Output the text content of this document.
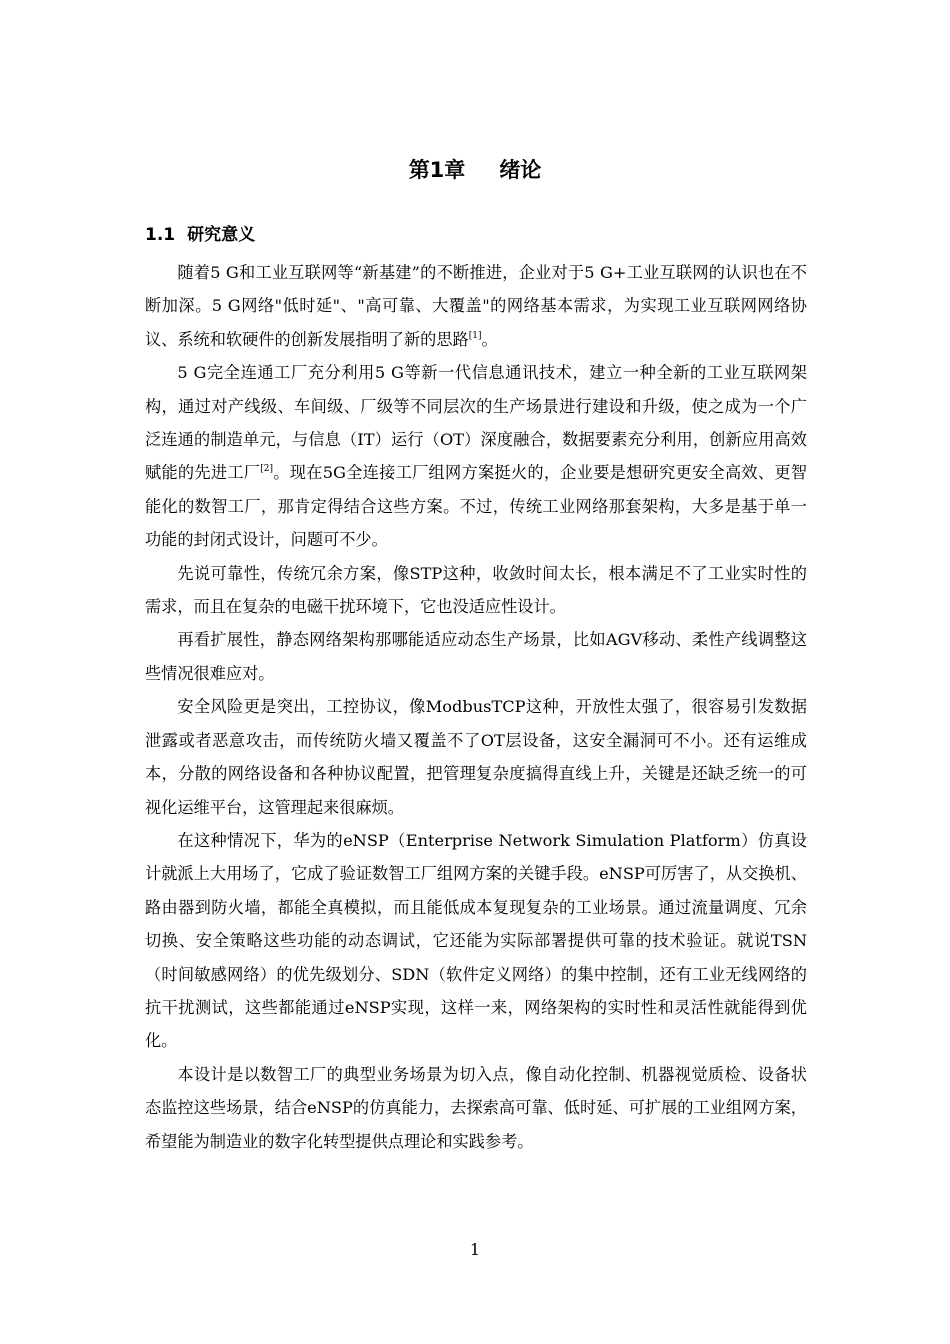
第1章 绪论
1.1 研究意义

随着5 G和工业互联网等“新基建”的不断推进，企业对于5 G+工业互联网的认识也在不断加深。5 G网络"低时延"、"高可靠、大覆盖"的网络基本需求，为实现工业互联网网络协议、系统和软硬件的创新发展指明了新的思路[1]。

5 G完全连通工厂充分利用5 G等新一代信息通讯技术，建立一种全新的工业互联网架构，通过对产线级、车间级、厂级等不同层次的生产场景进行建设和升级，使之成为一个广泛连通的制造单元，与信息（IT）运行（OT）深度融合，数据要素充分利用，创新应用高效赋能的先进工厂[2]。现在5G全连接工厂组网方案挺火的，企业要是想研究更安全高效、更智能化的数智工厂，那肯定得结合这些方案。不过，传统工业网络那套架构，大多是基于单一功能的封闭式设计，问题可不少。

先说可靠性，传统冗余方案，像STP这种，收敛时间太长，根本满足不了工业实时性的需求，而且在复杂的电磁干扰环境下，它也没适应性设计。

再看扩展性，静态网络架构那哪能适应动态生产场景，比如AGV移动、柔性产线调整这些情况很难应对。

安全风险更是突出，工控协议，像ModbusTCP这种，开放性太强了，很容易引发数据泄露或者恶意攻击，而传统防火墙又覆盖不了OT层设备，这安全漏洞可不小。还有运维成本，分散的网络设备和各种协议配置，把管理复杂度搞得直线上升，关键是还缺乏统一的可视化运维平台，这管理起来很麻烦。

在这种情况下，华为的eNSP（Enterprise Network Simulation Platform）仿真设计就派上大用场了，它成了验证数智工厂组网方案的关键手段。eNSP可厉害了，从交换机、路由器到防火墙，都能全真模拟，而且能低成本复现复杂的工业场景。通过流量调度、冗余切换、安全策略这些功能的动态调试，它还能为实际部署提供可靠的技术验证。就说TSN（时间敏感网络）的优先级划分、SDN（软件定义网络）的集中控制，还有工业无线网络的抗干扰测试，这些都能通过eNSP实现，这样一来，网络架构的实时性和灵活性就能得到优化。

本设计是以数智工厂的典型业务场景为切入点，像自动化控制、机器视觉质检、设备状态监控这些场景，结合eNSP的仿真能力，去探索高可靠、低时延、可扩展的工业组网方案，希望能为制造业的数字化转型提供点理论和实践参考。

1
